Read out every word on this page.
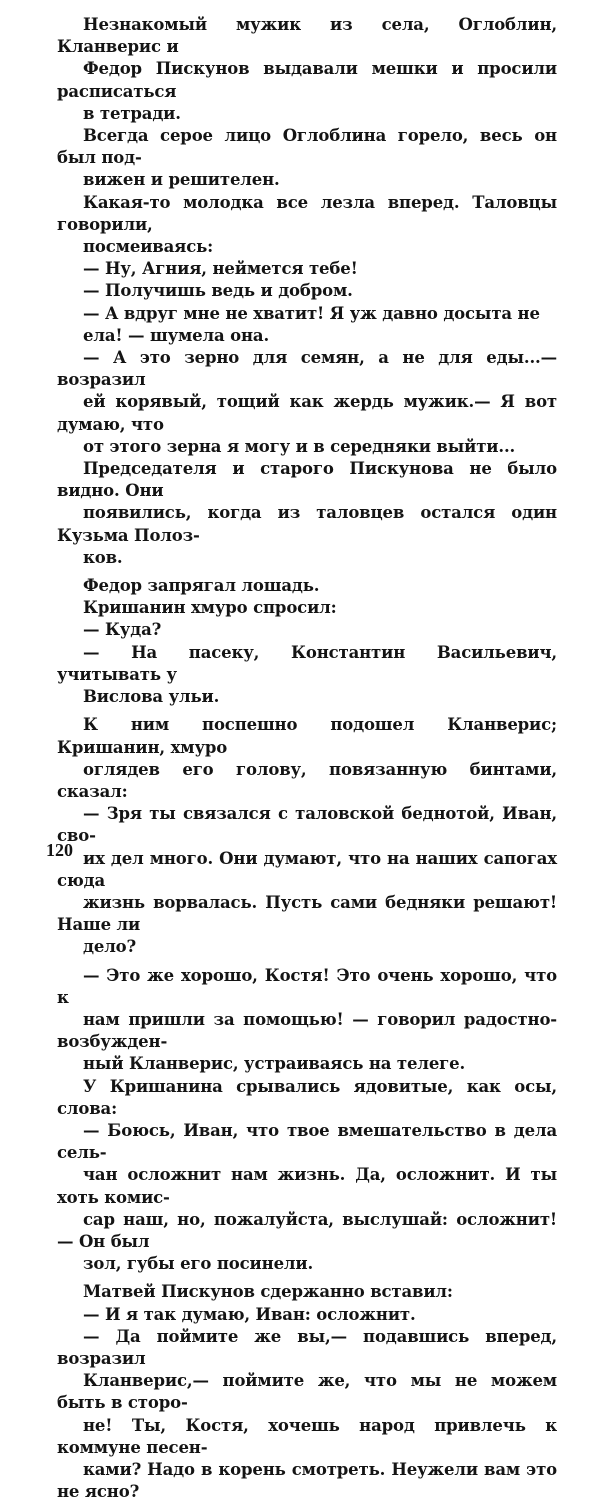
Незнакомый мужик из села, Оглоблин, Кланверис и
Федор Пискунов выдавали мешки и просили расписаться
в тетради.

Всегда серое лицо Оглоблина горело, весь он был под-
вижен и решителен.

Какая-то молодка все лезла вперед. Таловцы говорили,
посмеиваясь:

— Ну, Агния, неймется тебе!

— Получишь ведь и добром.

— А вдруг мне не хватит! Я уж давно досыта не
ела! — шумела она.

— А это зерно для семян, а не для еды...— возразил
ей корявый, тощий как жердь мужик.— Я вот думаю, что
от этого зерна я могу и в середняки выйти...

Председателя и старого Пискунова не было видно. Они
появились, когда из таловцев остался один Кузьма Полоз-
ков.

Федор запрягал лошадь.

Кришанин хмуро спросил:

— Куда?

— На пасеку, Константин Васильевич, учитывать у
Вислова ульи.

К ним поспешно подошел Кланверис; Кришанин, хмуро
оглядев его голову, повязанную бинтами, сказал:

— Зря ты связался с таловской беднотой, Иван, сво-
их дел много. Они думают, что на наших сапогах сюда
жизнь ворвалась. Пусть сами бедняки решают! Наше ли
дело?

— Это же хорошо, Костя! Это очень хорошо, что к
нам пришли за помощью! — говорил радостно-возбужден-
ный Кланверис, устраиваясь на телеге.

У Кришанина срывались ядовитые, как осы, слова:

— Боюсь, Иван, что твое вмешательство в дела сель-
чан осложнит нам жизнь. Да, осложнит. И ты хоть комис-
сар наш, но, пожалуйста, выслушай: осложнит! — Он был
зол, губы его посинели.

Матвей Пискунов сдержанно вставил:

— И я так думаю, Иван: осложнит.

— Да поймите же вы,— подавшись вперед, возразил
Кланверис,— поймите же, что мы не можем быть в сторо-
не! Ты, Костя, хочешь народ привлечь к коммуне песен-
ками? Надо в корень смотреть. Неужели вам это не ясно?

120
